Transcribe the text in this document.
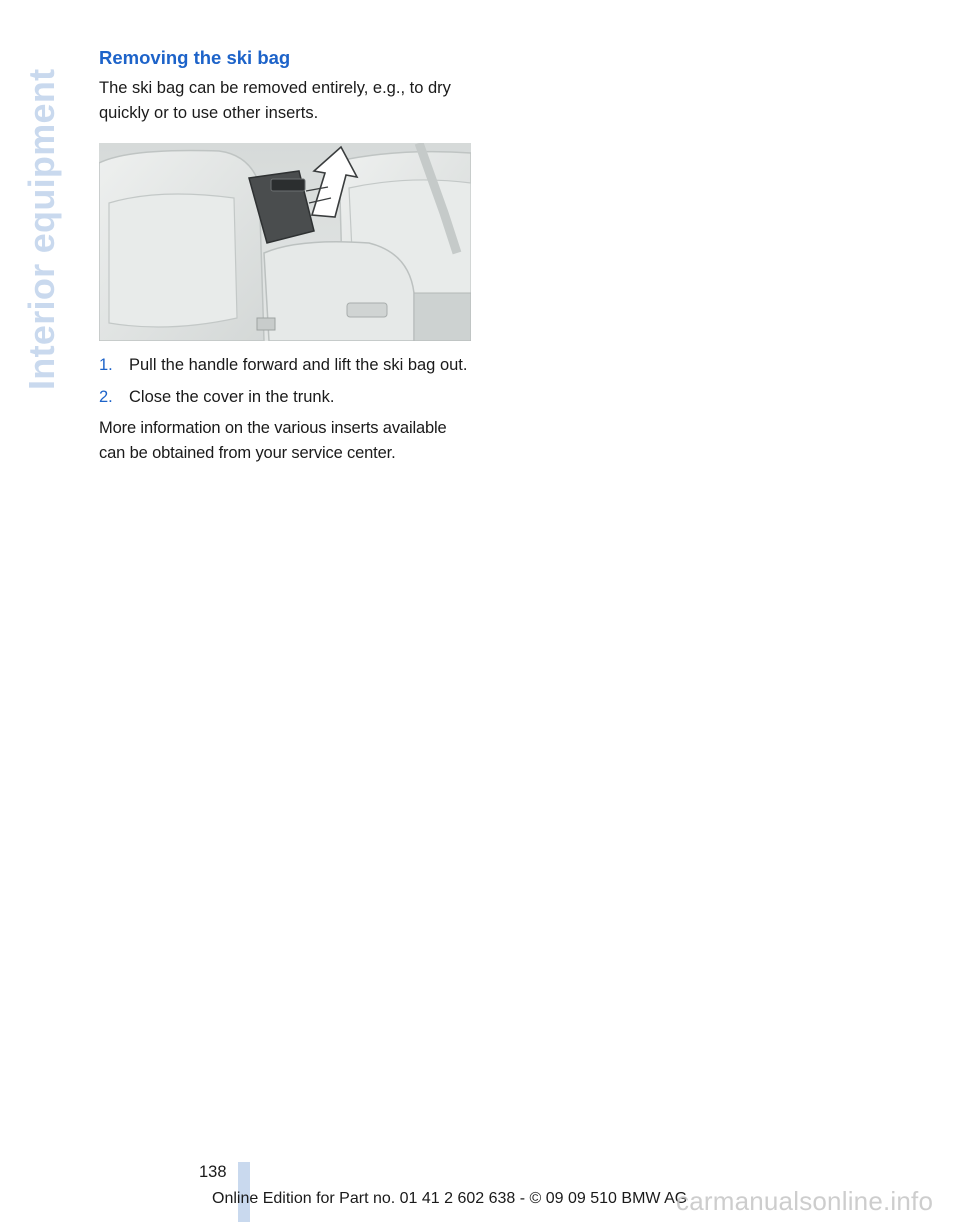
Interior equipment
Removing the ski bag

The ski bag can be removed entirely, e.g., to dry quickly or to use other inserts.

1. Pull the handle forward and lift the ski bag out.
2. Close the cover in the trunk.

More information on the various inserts available can be obtained from your service center.

138
Online Edition for Part no. 01 41 2 602 638 - © 09 09 510 BMW AG
carmanualsonline.info
